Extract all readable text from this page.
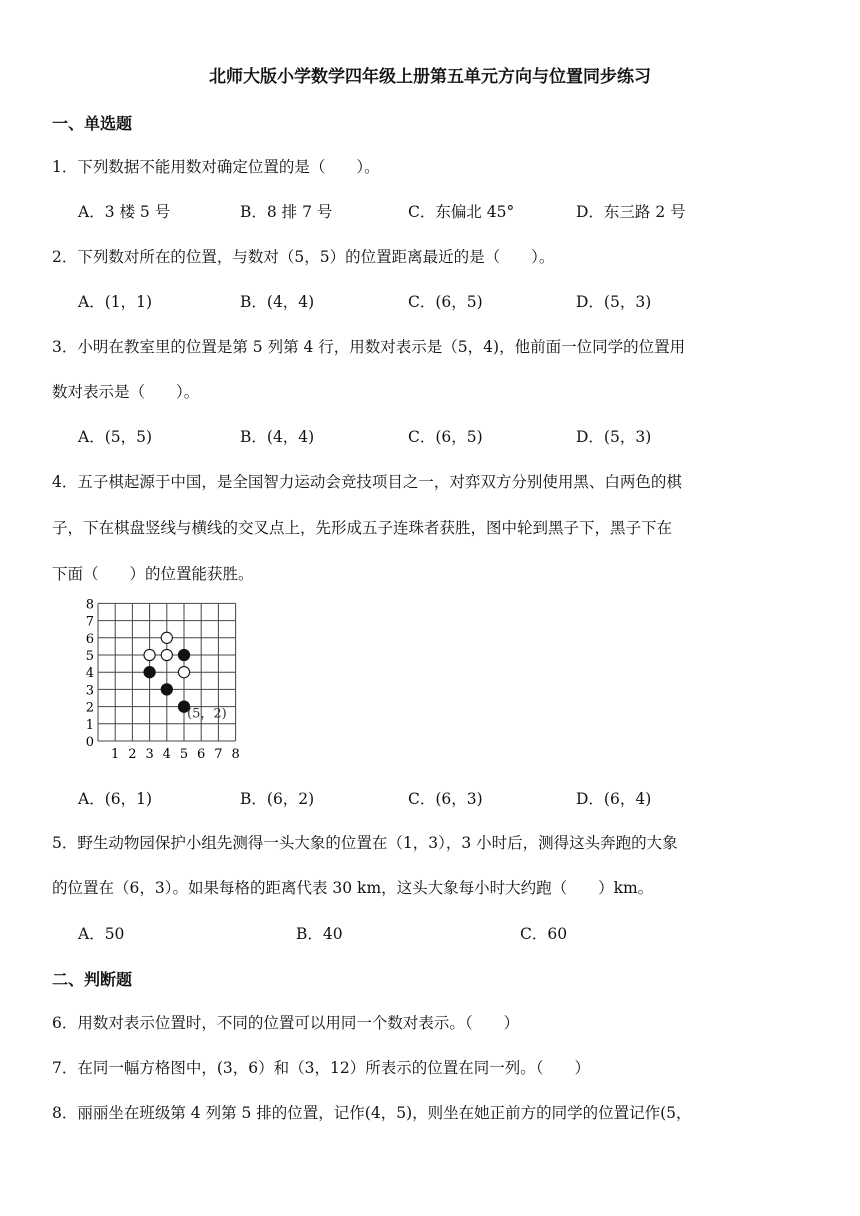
北师大版小学数学四年级上册第五单元方向与位置同步练习
一、单选题
1．下列数据不能用数对确定位置的是（　　）。
A．3 楼 5 号	B．8 排 7 号	C．东偏北 45°	D．东三路 2 号
2．下列数对所在的位置，与数对（5，5）的位置距离最近的是（　　）。
A．(1，1)	B．(4，4)	C．(6，5)	D．(5，3)
3．小明在教室里的位置是第 5 列第 4 行，用数对表示是（5，4)，他前面一位同学的位置用
数对表示是（　　）。
A．(5，5)	B．(4，4)	C．(6，5)	D．(5，3)
4．五子棋起源于中国，是全国智力运动会竞技项目之一，对弈双方分别使用黑、白两色的棋
子，下在棋盘竖线与横线的交叉点上，先形成五子连珠者获胜，图中轮到黑子下，黑子下在
下面（　　）的位置能获胜。
1 2 3 4 5 6 7 8
0
1
2
3
4
5
6
7
8
(5，2)
A．(6，1)	B．(6，2)	C．(6，3)	D．(6，4)
5．野生动物园保护小组先测得一头大象的位置在（1，3），3 小时后，测得这头奔跑的大象
的位置在（6，3）。如果每格的距离代表 30 km，这头大象每小时大约跑（　　）km。
A．50	B．40	C．60
二、判断题
6．用数对表示位置时，不同的位置可以用同一个数对表示。（　　）
7．在同一幅方格图中，(3，6）和（3，12）所表示的位置在同一列。（　　）
8．丽丽坐在班级第 4 列第 5 排的位置，记作(4，5)，则坐在她正前方的同学的位置记作(5，
